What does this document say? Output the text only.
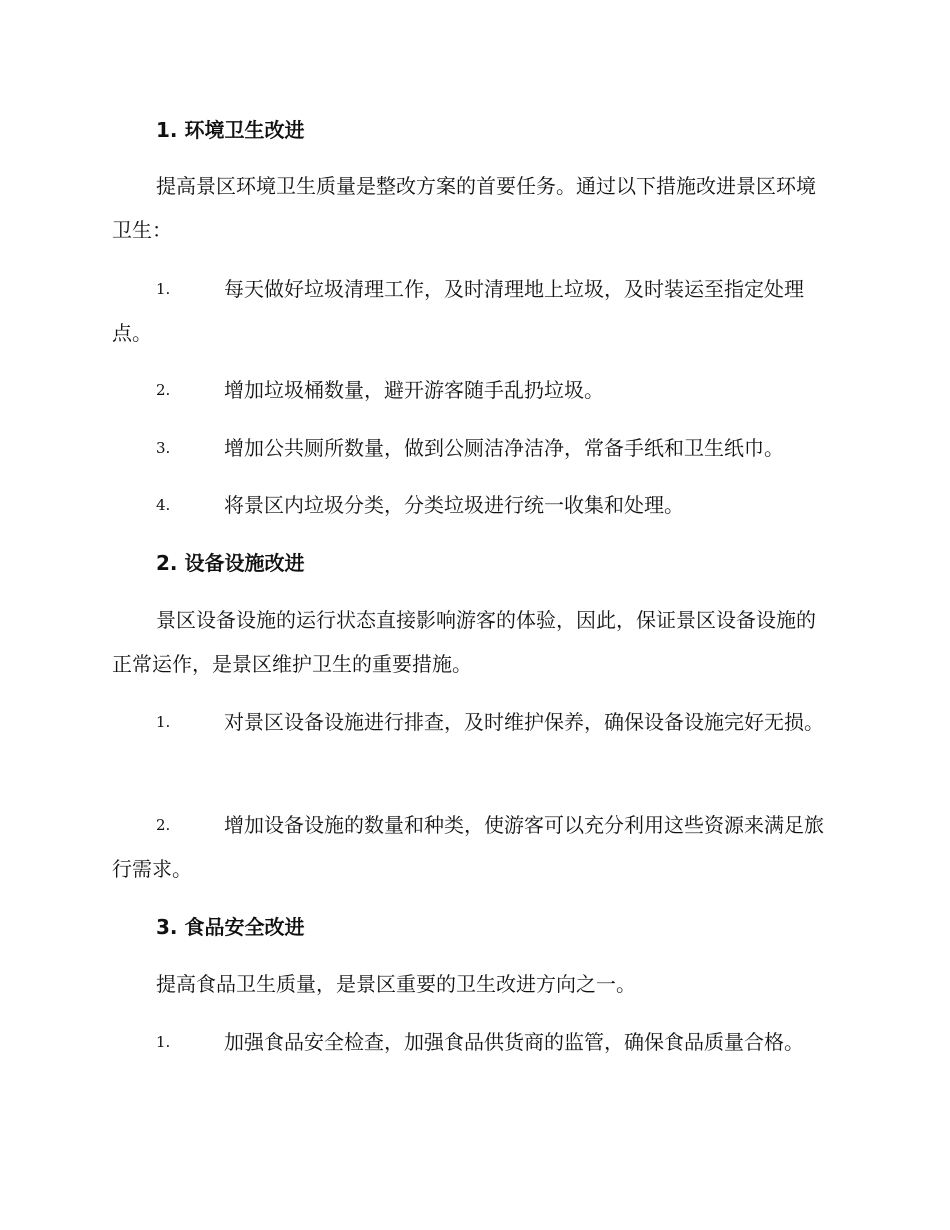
1. 环境卫生改进

提高景区环境卫生质量是整改方案的首要任务。通过以下措施改进景区环境卫生：

1.	每天做好垃圾清理工作，及时清理地上垃圾，及时装运至指定处理点。

2.	增加垃圾桶数量，避开游客随手乱扔垃圾。

3.	增加公共厕所数量，做到公厕洁净洁净，常备手纸和卫生纸巾。

4.	将景区内垃圾分类，分类垃圾进行统一收集和处理。

2. 设备设施改进

景区设备设施的运行状态直接影响游客的体验，因此，保证景区设备设施的正常运作，是景区维护卫生的重要措施。

1.	对景区设备设施进行排查，及时维护保养，确保设备设施完好无损。

2.	增加设备设施的数量和种类，使游客可以充分利用这些资源来满足旅行需求。

3. 食品安全改进

提高食品卫生质量，是景区重要的卫生改进方向之一。

1.	加强食品安全检查，加强食品供货商的监管，确保食品质量合格。
